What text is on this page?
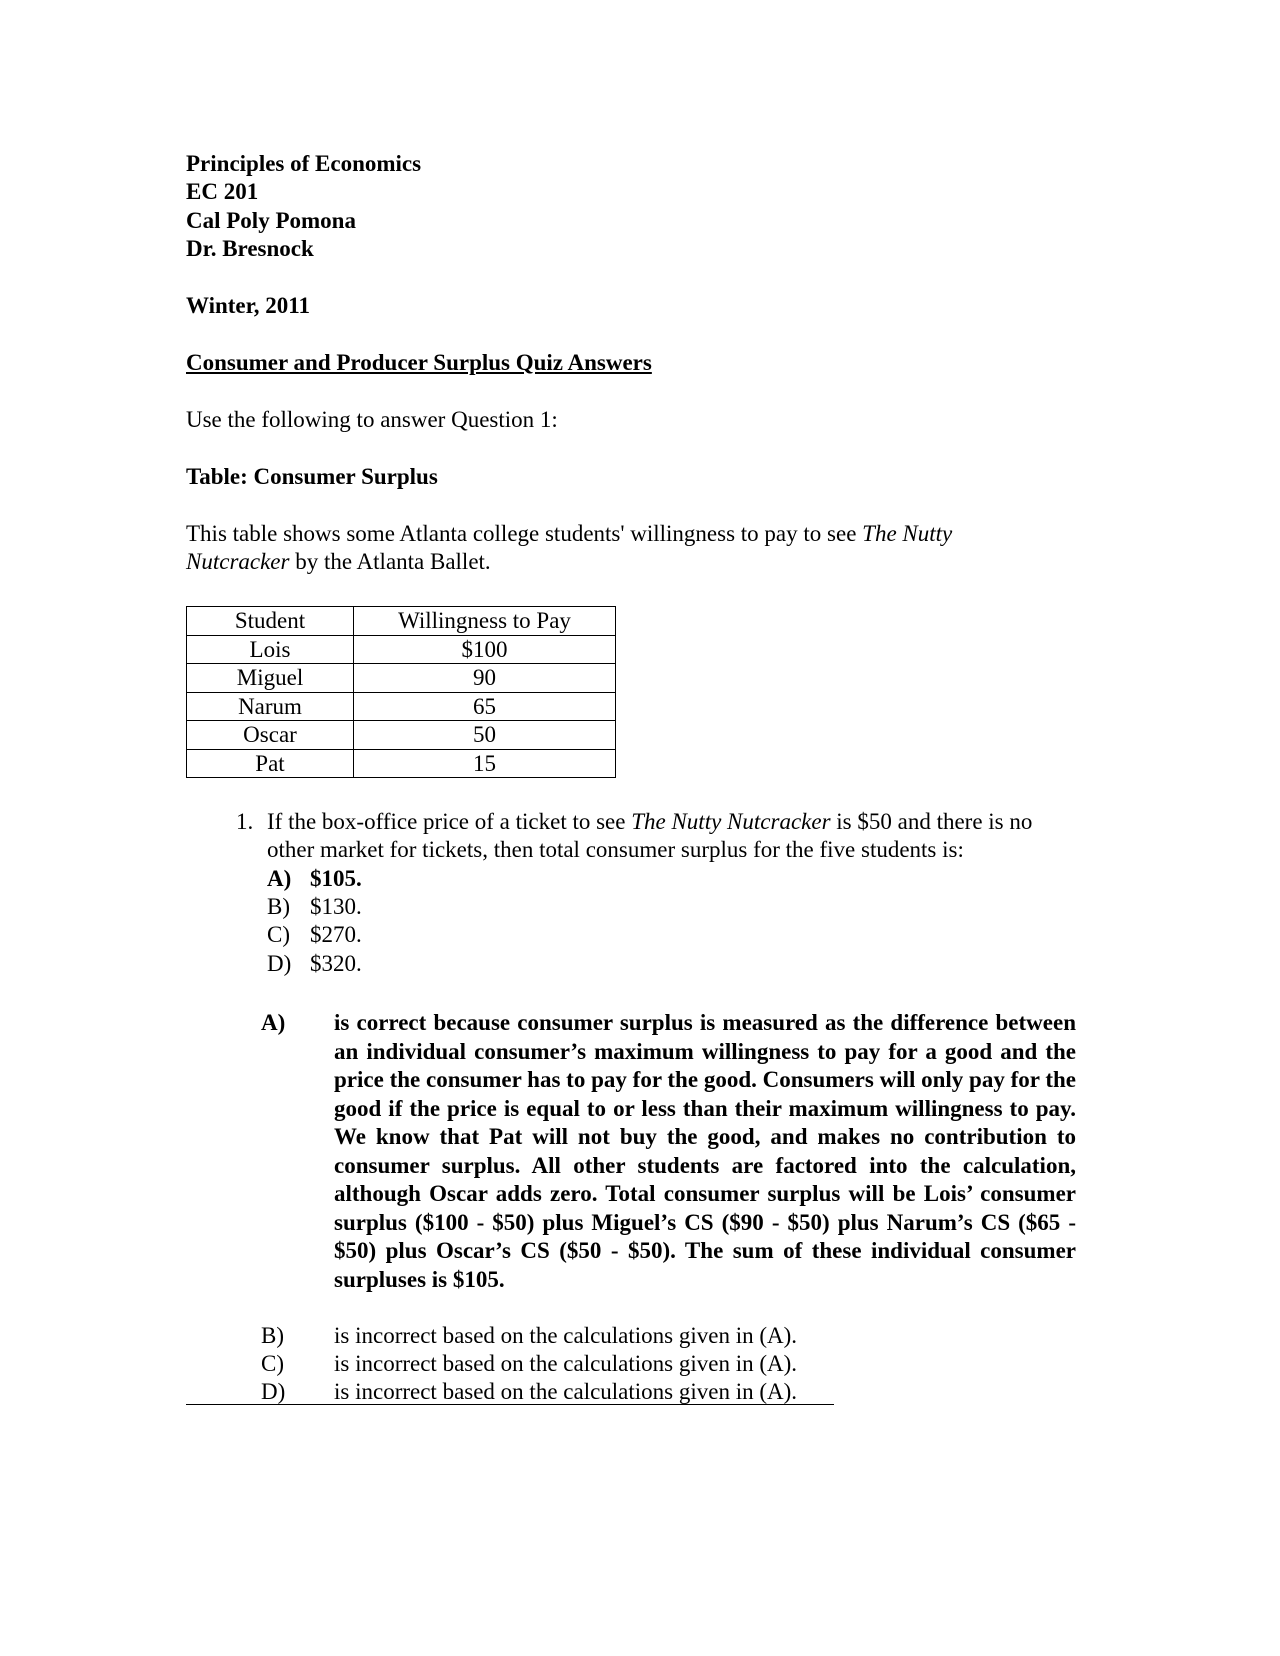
Principles of Economics
EC 201
Cal Poly Pomona
Dr. Bresnock
Winter, 2011
Consumer and Producer Surplus Quiz Answers
Use the following to answer Question 1:
Table: Consumer Surplus
This table shows some Atlanta college students' willingness to pay to see The Nutty
Nutcracker by the Atlanta Ballet.
Student	Willingness to Pay
Lois	$100
Miguel	90
Narum	65
Oscar	50
Pat	15
1. If the box-office price of a ticket to see The Nutty Nutcracker is $50 and there is no
other market for tickets, then total consumer surplus for the five students is:
A) $105.
B) $130.
C) $270.
D) $320.
A) is correct because consumer surplus is measured as the difference between an individual consumer’s maximum willingness to pay for a good and the price the consumer has to pay for the good. Consumers will only pay for the good if the price is equal to or less than their maximum willingness to pay. We know that Pat will not buy the good, and makes no contribution to consumer surplus. All other students are factored into the calculation, although Oscar adds zero. Total consumer surplus will be Lois’ consumer surplus ($100 - $50) plus Miguel’s CS ($90 - $50) plus Narum’s CS ($65 - $50) plus Oscar’s CS ($50 - $50). The sum of these individual consumer surpluses is $105.
B) is incorrect based on the calculations given in (A).
C) is incorrect based on the calculations given in (A).
D) is incorrect based on the calculations given in (A).
